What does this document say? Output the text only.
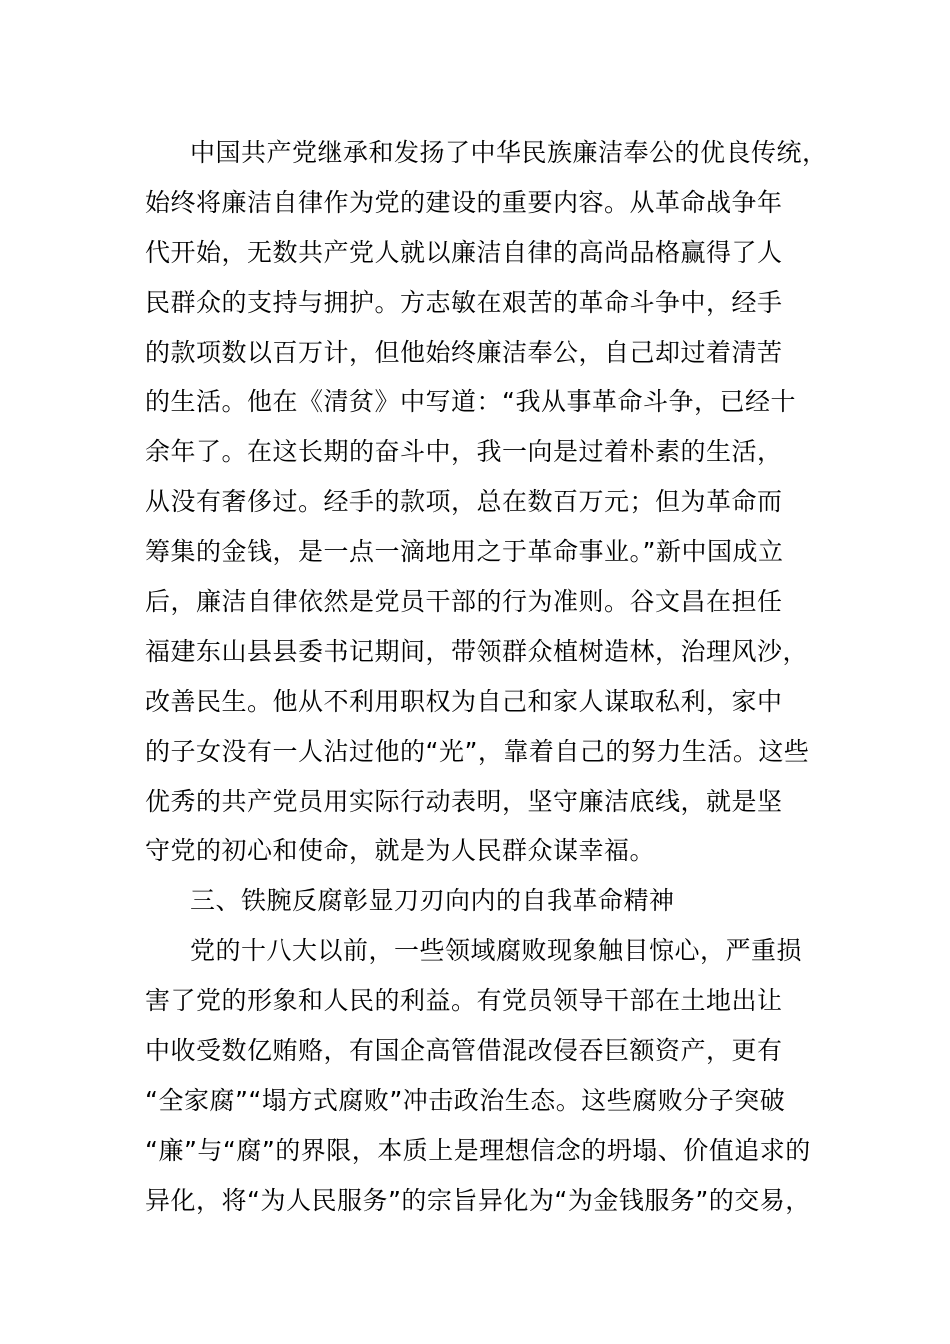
中国共产党继承和发扬了中华民族廉洁奉公的优良传统，
始终将廉洁自律作为党的建设的重要内容。从革命战争年
代开始，无数共产党人就以廉洁自律的高尚品格赢得了人
民群众的支持与拥护。方志敏在艰苦的革命斗争中，经手
的款项数以百万计，但他始终廉洁奉公，自己却过着清苦
的生活。他在《清贫》中写道：“我从事革命斗争，已经十
余年了。在这长期的奋斗中，我一向是过着朴素的生活，
从没有奢侈过。经手的款项，总在数百万元；但为革命而
筹集的金钱，是一点一滴地用之于革命事业。”新中国成立
后，廉洁自律依然是党员干部的行为准则。谷文昌在担任
福建东山县县委书记期间，带领群众植树造林，治理风沙，
改善民生。他从不利用职权为自己和家人谋取私利，家中
的子女没有一人沾过他的“光”，靠着自己的努力生活。这些
优秀的共产党员用实际行动表明，坚守廉洁底线，就是坚
守党的初心和使命，就是为人民群众谋幸福。
三、铁腕反腐彰显刀刃向内的自我革命精神
党的十八大以前，一些领域腐败现象触目惊心，严重损
害了党的形象和人民的利益。有党员领导干部在土地出让
中收受数亿贿赂，有国企高管借混改侵吞巨额资产，更有
“全家腐”“塌方式腐败”冲击政治生态。这些腐败分子突破
“廉”与“腐”的界限，本质上是理想信念的坍塌、价值追求的
异化，将“为人民服务”的宗旨异化为“为金钱服务”的交易，
